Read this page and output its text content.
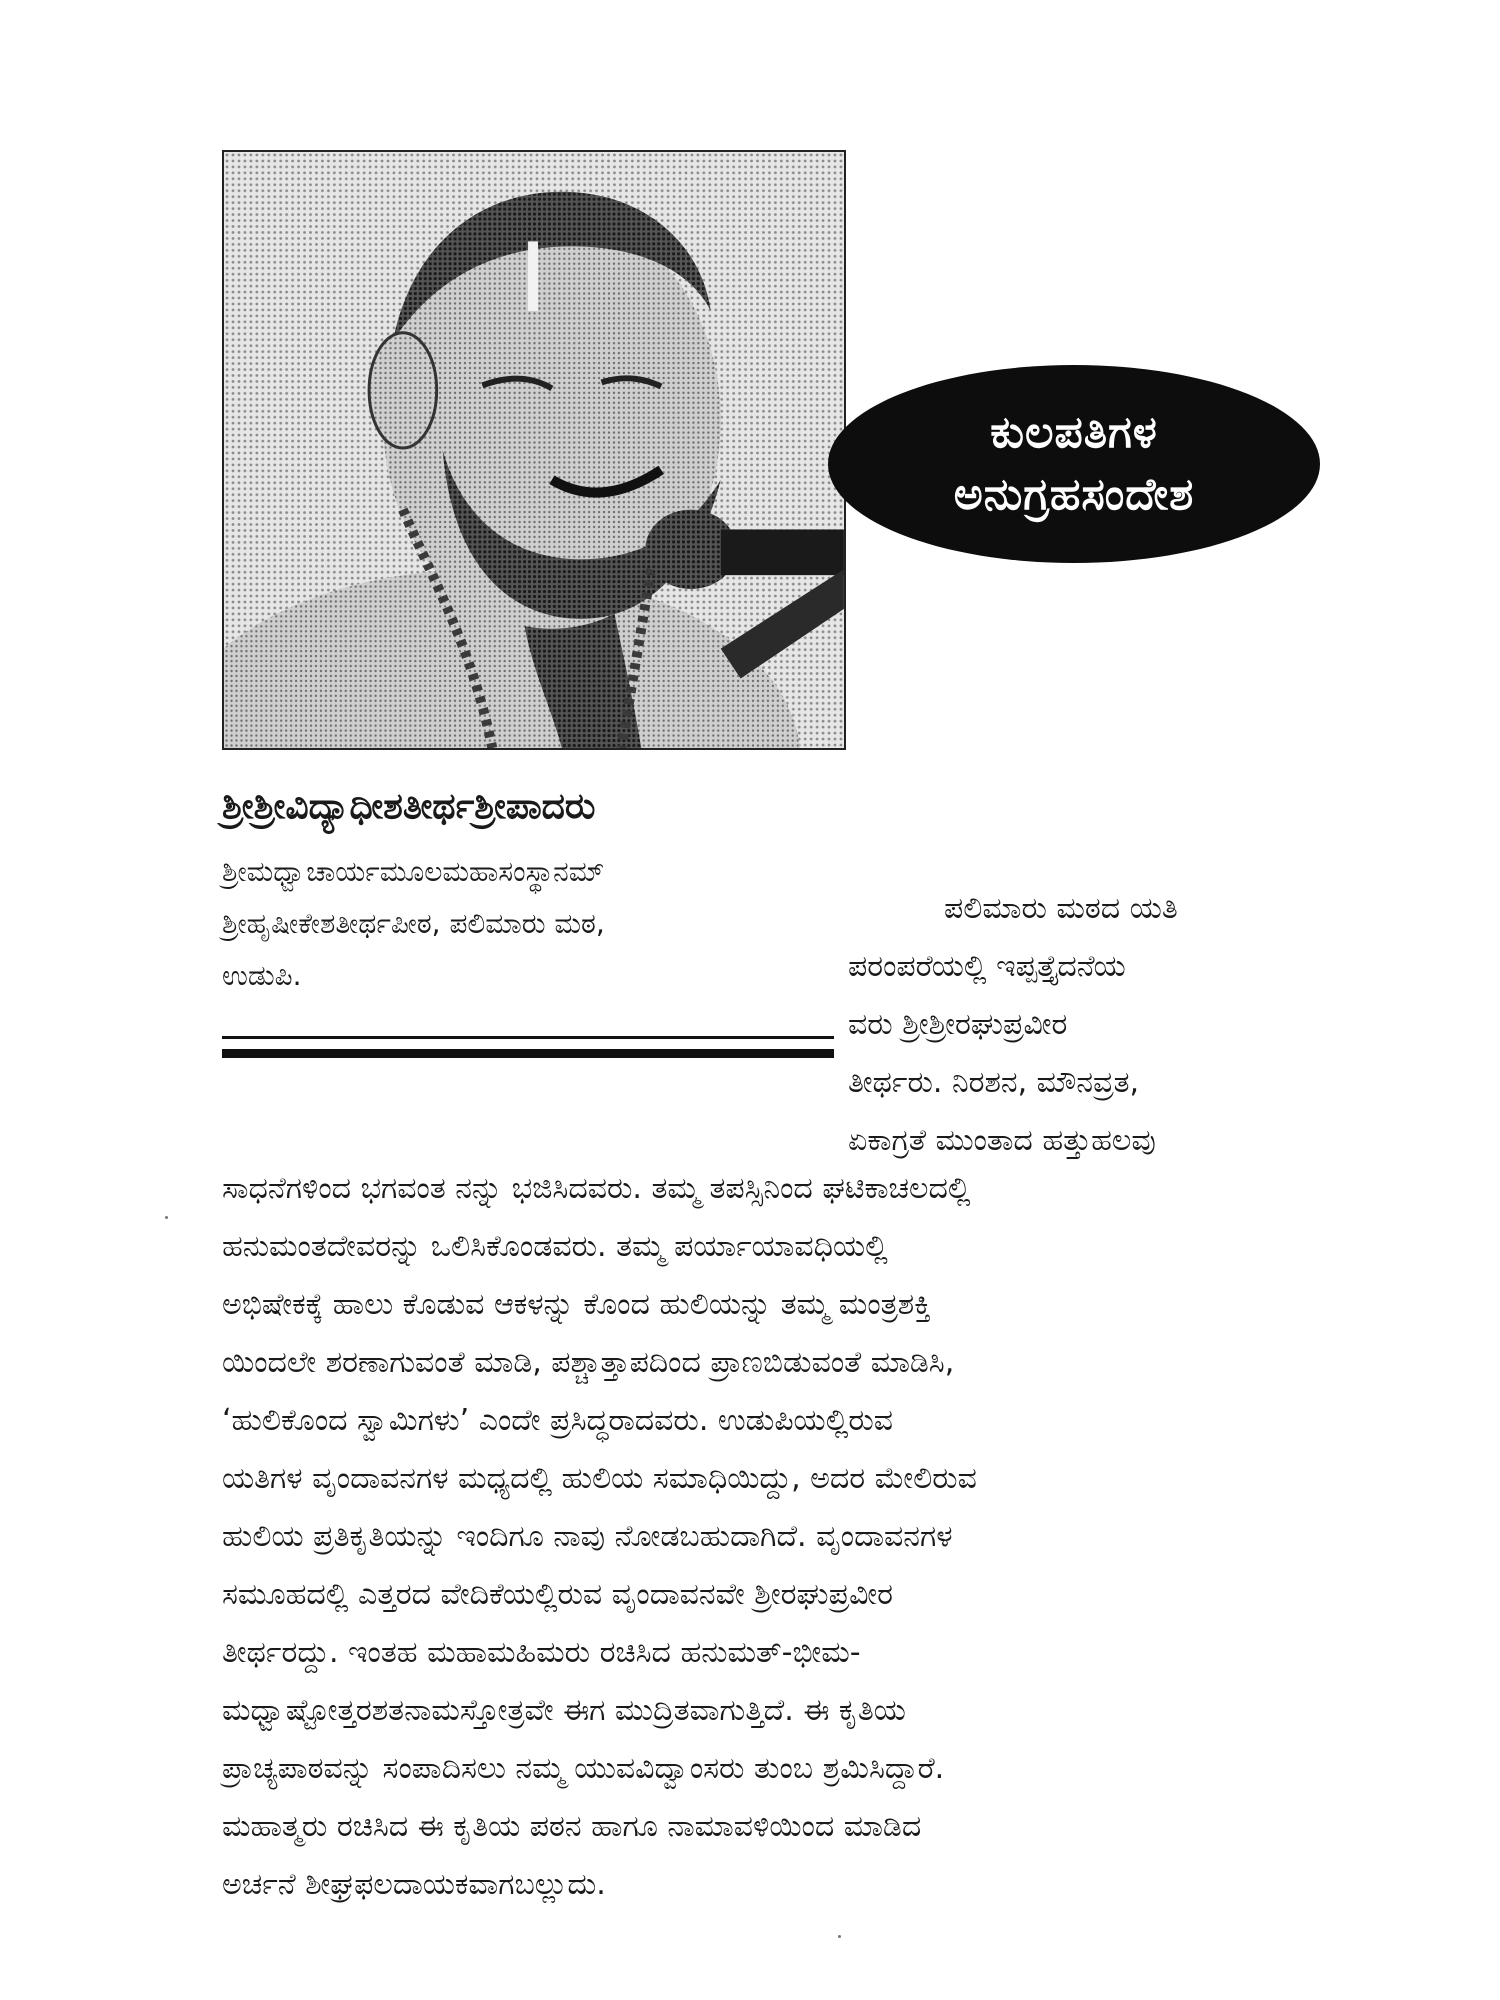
ಕುಲಪತಿಗಳ
ಅನುಗ್ರಹಸಂದೇಶ
ಶ್ರೀಶ್ರೀವಿದ್ಯಾಧೀಶತೀರ್ಥಶ್ರೀಪಾದರು
ಶ್ರೀಮಧ್ವಾಚಾರ್ಯಮೂಲಮಹಾಸಂಸ್ಥಾನಮ್
ಶ್ರೀಹೃಷೀಕೇಶತೀರ್ಥಪೀಠ, ಪಲಿಮಾರು ಮಠ,
ಉಡುಪಿ.
ಪಲಿಮಾರು ಮಠದ ಯತಿ
ಪರಂಪರೆಯಲ್ಲಿ ಇಪ್ಪತ್ತೈದನೆಯ
ವರು ಶ್ರೀಶ್ರೀರಘುಪ್ರವೀರ
ತೀರ್ಥರು. ನಿರಶನ, ಮೌನವ್ರತ,
ಏಕಾಗ್ರತೆ ಮುಂತಾದ ಹತ್ತುಹಲವು
ಸಾಧನೆಗಳಿಂದ ಭಗವಂತ ನನ್ನು ಭಜಿಸಿದವರು. ತಮ್ಮ ತಪಸ್ಸಿನಿಂದ ಘಟಿಕಾಚಲದಲ್ಲಿ
ಹನುಮಂತದೇವರನ್ನು ಒಲಿಸಿಕೊಂಡವರು. ತಮ್ಮ ಪರ್ಯಾಯಾವಧಿಯಲ್ಲಿ
ಅಭಿಷೇಕಕ್ಕೆ ಹಾಲು ಕೊಡುವ ಆಕಳನ್ನು ಕೊಂದ ಹುಲಿಯನ್ನು ತಮ್ಮ ಮಂತ್ರಶಕ್ತಿ
ಯಿಂದಲೇ ಶರಣಾಗುವಂತೆ ಮಾಡಿ, ಪಶ್ಚಾತ್ತಾಪದಿಂದ ಪ್ರಾಣಬಿಡುವಂತೆ ಮಾಡಿಸಿ,
‘ಹುಲಿಕೊಂದ ಸ್ವಾಮಿಗಳು’ ಎಂದೇ ಪ್ರಸಿದ್ಧರಾದವರು. ಉಡುಪಿಯಲ್ಲಿರುವ
ಯತಿಗಳ ವೃಂದಾವನಗಳ ಮಧ್ಯದಲ್ಲಿ ಹುಲಿಯ ಸಮಾಧಿಯಿದ್ದು, ಅದರ ಮೇಲಿರುವ
ಹುಲಿಯ ಪ್ರತಿಕೃತಿಯನ್ನು ಇಂದಿಗೂ ನಾವು ನೋಡಬಹುದಾಗಿದೆ. ವೃಂದಾವನಗಳ
ಸಮೂಹದಲ್ಲಿ ಎತ್ತರದ ವೇದಿಕೆಯಲ್ಲಿರುವ ವೃಂದಾವನವೇ ಶ್ರೀರಘುಪ್ರವೀರ
ತೀರ್ಥರದ್ದು. ಇಂತಹ ಮಹಾಮಹಿಮರು ರಚಿಸಿದ ಹನುಮತ್-ಭೀಮ-
ಮಧ್ವಾಷ್ಟೋತ್ತರಶತನಾಮಸ್ತೋತ್ರವೇ ಈಗ ಮುದ್ರಿತವಾಗುತ್ತಿದೆ. ಈ ಕೃತಿಯ
ಪ್ರಾಚ್ಯಪಾಠವನ್ನು ಸಂಪಾದಿಸಲು ನಮ್ಮ ಯುವವಿದ್ವಾಂಸರು ತುಂಬ ಶ್ರಮಿಸಿದ್ದಾರೆ.
ಮಹಾತ್ಮರು ರಚಿಸಿದ ಈ ಕೃತಿಯ ಪಠನ ಹಾಗೂ ನಾಮಾವಳಿಯಿಂದ ಮಾಡಿದ
ಅರ್ಚನೆ ಶೀಘ್ರಫಲದಾಯಕವಾಗಬಲ್ಲುದು.
